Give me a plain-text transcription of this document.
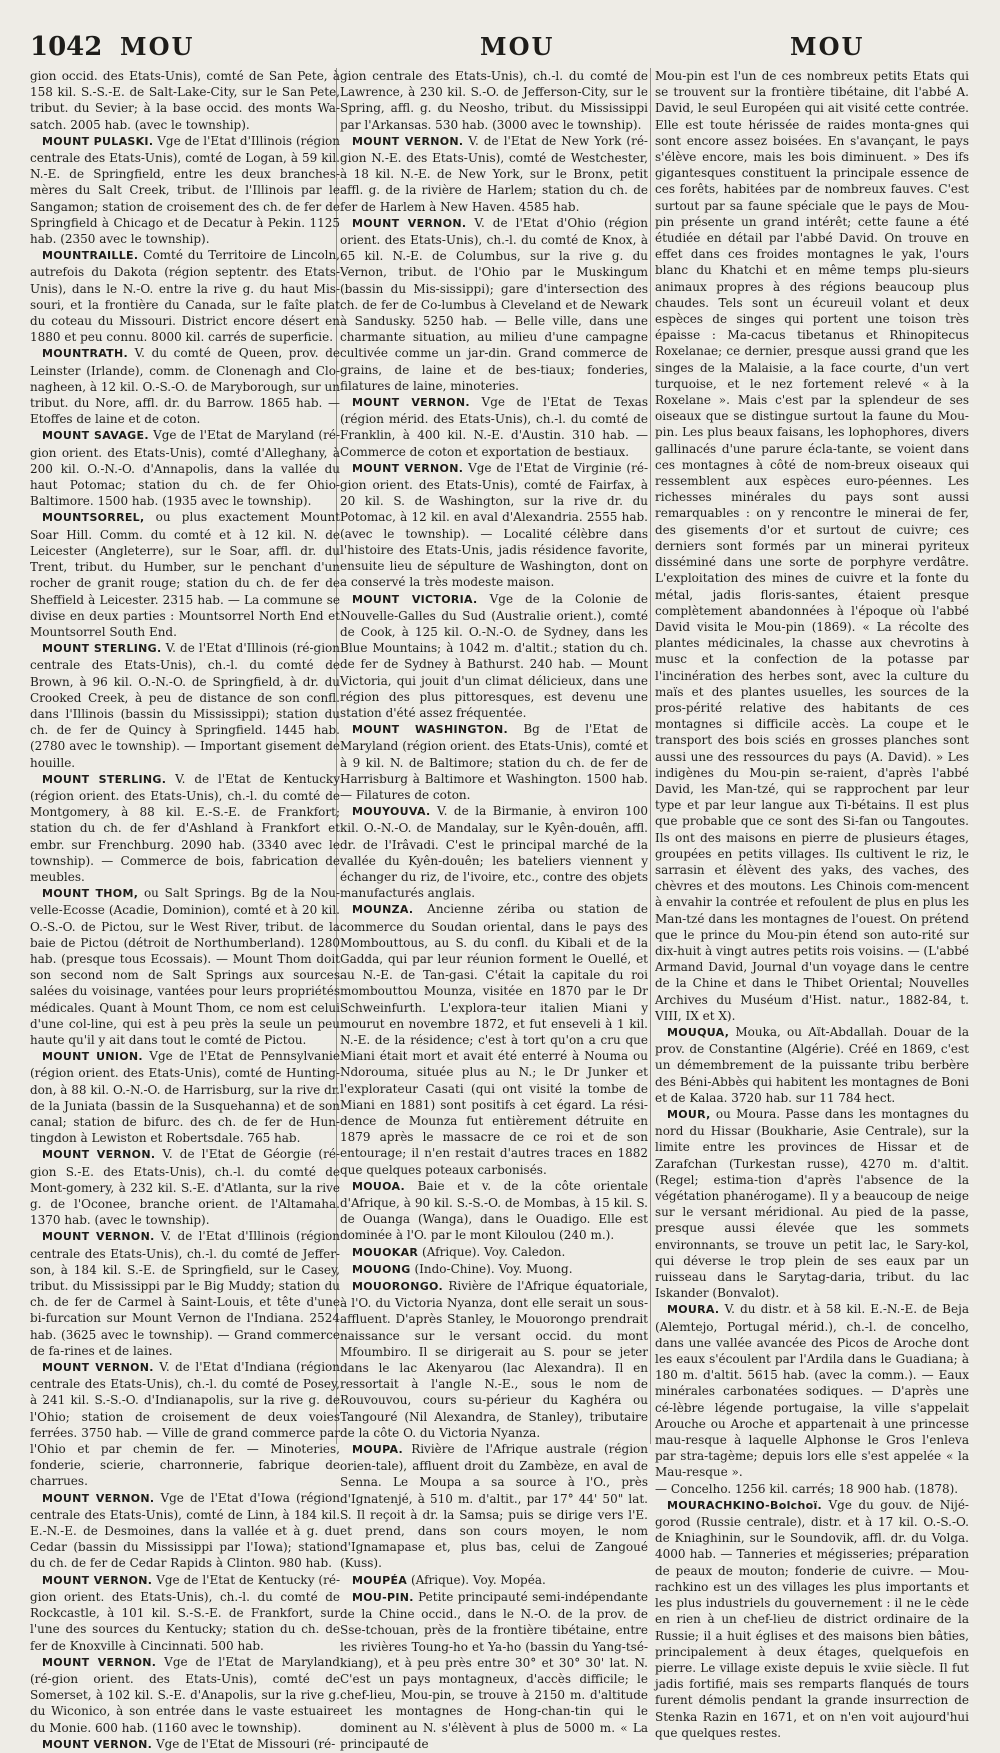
1042 MOU	MOU	MOU

gion occid. des Etats-Unis), comté de San Pete, à 158 kil. S.-S.-E. de Salt-Lake-City, sur le San Pete, tribut. du Sevier; à la base occid. des monts Wa-satch. 2005 hab. (avec le township).

MOUNT PULASKI. Vge de l'Etat d'Illinois (région centrale des Etats-Unis), comté de Logan, à 59 kil. N.-E. de Springfield, entre les deux branches-mères du Salt Creek, tribut. de l'Illinois par le Sangamon; station de croisement des ch. de fer de Springfield à Chicago et de Decatur à Pekin. 1125 hab. (2350 avec le township).

MOUNTRAILLE. Comté du Territoire de Lincoln, autrefois du Dakota (région septentr. des Etats-Unis), dans le N.-O. entre la rive g. du haut Mis-souri, et la frontière du Canada, sur le faîte plat du coteau du Missouri. District encore désert en 1880 et peu connu. 8000 kil. carrés de superficie.

MOUNTRATH. V. du comté de Queen, prov. de Leinster (Irlande), comm. de Clonenagh and Clo-nagheen, à 12 kil. O.-S.-O. de Maryborough, sur un tribut. du Nore, affl. dr. du Barrow. 1865 hab. — Etoffes de laine et de coton.

MOUNT SAVAGE. Vge de l'Etat de Maryland (ré-gion orient. des Etats-Unis), comté d'Alleghany, à 200 kil. O.-N.-O. d'Annapolis, dans la vallée du haut Potomac; station du ch. de fer Ohio-Baltimore. 1500 hab. (1935 avec le township).

MOUNTSORREL, ou plus exactement Mount Soar Hill. Comm. du comté et à 12 kil. N. de Leicester (Angleterre), sur le Soar, affl. dr. du Trent, tribut. du Humber, sur le penchant d'un rocher de granit rouge; station du ch. de fer de Sheffield à Leicester. 2315 hab. — La commune se divise en deux parties : Mountsorrel North End et Mountsorrel South End.

MOUNT STERLING. V. de l'Etat d'Illinois (ré-gion centrale des Etats-Unis), ch.-l. du comté de Brown, à 96 kil. O.-N.-O. de Springfield, à dr. du Crooked Creek, à peu de distance de son confl. dans l'Illinois (bassin du Mississippi); station du ch. de fer de Quincy à Springfield. 1445 hab. (2780 avec le township). — Important gisement de houille.

MOUNT STERLING. V. de l'Etat de Kentucky (région orient. des Etats-Unis), ch.-l. du comté de Montgomery, à 88 kil. E.-S.-E. de Frankfort; station du ch. de fer d'Ashland à Frankfort et embr. sur Frenchburg. 2090 hab. (3340 avec le township). — Commerce de bois, fabrication de meubles.

MOUNT THOM, ou Salt Springs. Bg de la Nou-velle-Ecosse (Acadie, Dominion), comté et à 20 kil. O.-S.-O. de Pictou, sur le West River, tribut. de la baie de Pictou (détroit de Northumberland). 1280 hab. (presque tous Ecossais). — Mount Thom doit son second nom de Salt Springs aux sources salées du voisinage, vantées pour leurs propriétés médicales. Quant à Mount Thom, ce nom est celui d'une col-line, qui est à peu près la seule un peu haute qu'il y ait dans tout le comté de Pictou.

MOUNT UNION. Vge de l'Etat de Pennsylvanie (région orient. des Etats-Unis), comté de Hunting-don, à 88 kil. O.-N.-O. de Harrisburg, sur la rive dr. de la Juniata (bassin de la Susquehanna) et de son canal; station de bifurc. des ch. de fer de Hun-tingdon à Lewiston et Robertsdale. 765 hab.

MOUNT VERNON. V. de l'Etat de Géorgie (ré-gion S.-E. des Etats-Unis), ch.-l. du comté de Mont-gomery, à 232 kil. S.-E. d'Atlanta, sur la rive g. de l'Oconee, branche orient. de l'Altamaha. 1370 hab. (avec le township).

MOUNT VERNON. V. de l'Etat d'Illinois (région centrale des Etats-Unis), ch.-l. du comté de Jeffer-son, à 184 kil. S.-E. de Springfield, sur le Casey, tribut. du Mississippi par le Big Muddy; station du ch. de fer de Carmel à Saint-Louis, et tête d'une bi-furcation sur Mount Vernon de l'Indiana. 2524 hab. (3625 avec le township). — Grand commerce de fa-rines et de laines.

MOUNT VERNON. V. de l'Etat d'Indiana (région centrale des Etats-Unis), ch.-l. du comté de Posey, à 241 kil. S.-S.-O. d'Indianapolis, sur la rive g. de l'Ohio; station de croisement de deux voies ferrées. 3750 hab. — Ville de grand commerce par l'Ohio et par chemin de fer. — Minoteries, fonderie, scierie, charronnerie, fabrique de charrues.

MOUNT VERNON. Vge de l'Etat d'Iowa (région centrale des Etats-Unis), comté de Linn, à 184 kil. E.-N.-E. de Desmoines, dans la vallée et à g. du Cedar (bassin du Mississippi par l'Iowa); station du ch. de fer de Cedar Rapids à Clinton. 980 hab.

MOUNT VERNON. Vge de l'Etat de Kentucky (ré-gion orient. des Etats-Unis), ch.-l. du comté de Rockcastle, à 101 kil. S.-S.-E. de Frankfort, sur l'une des sources du Kentucky; station du ch. de fer de Knoxville à Cincinnati. 500 hab.

MOUNT VERNON. Vge de l'Etat de Maryland (ré-gion orient. des Etats-Unis), comté de Somerset, à 102 kil. S.-E. d'Anapolis, sur la rive g. du Wiconico, à son entrée dans le vaste estuaire du Monie. 600 hab. (1160 avec le township).

MOUNT VERNON. Vge de l'Etat de Missouri (ré-

gion centrale des Etats-Unis), ch.-l. du comté de Lawrence, à 230 kil. S.-O. de Jefferson-City, sur le Spring, affl. g. du Neosho, tribut. du Mississippi par l'Arkansas. 530 hab. (3000 avec le township).

MOUNT VERNON. V. de l'Etat de New York (ré-gion N.-E. des Etats-Unis), comté de Westchester, à 18 kil. N.-E. de New York, sur le Bronx, petit affl. g. de la rivière de Harlem; station du ch. de fer de Harlem à New Haven. 4585 hab.

MOUNT VERNON. V. de l'Etat d'Ohio (région orient. des Etats-Unis), ch.-l. du comté de Knox, à 65 kil. N.-E. de Columbus, sur la rive g. du Vernon, tribut. de l'Ohio par le Muskingum (bassin du Mis-sissippi); gare d'intersection des ch. de fer de Co-lumbus à Cleveland et de Newark à Sandusky. 5250 hab. — Belle ville, dans une charmante situation, au milieu d'une campagne cultivée comme un jar-din. Grand commerce de grains, de laine et de bes-tiaux; fonderies, filatures de laine, minoteries.

MOUNT VERNON. Vge de l'Etat de Texas (région mérid. des Etats-Unis), ch.-l. du comté de Franklin, à 400 kil. N.-E. d'Austin. 310 hab. — Commerce de coton et exportation de bestiaux.

MOUNT VERNON. Vge de l'Etat de Virginie (ré-gion orient. des Etats-Unis), comté de Fairfax, à 20 kil. S. de Washington, sur la rive dr. du Potomac, à 12 kil. en aval d'Alexandria. 2555 hab. (avec le township). — Localité célèbre dans l'histoire des Etats-Unis, jadis résidence favorite, ensuite lieu de sépulture de Washington, dont on a conservé la très modeste maison.

MOUNT VICTORIA. Vge de la Colonie de Nouvelle-Galles du Sud (Australie orient.), comté de Cook, à 125 kil. O.-N.-O. de Sydney, dans les Blue Mountains; à 1042 m. d'altit.; station du ch. de fer de Sydney à Bathurst. 240 hab. — Mount Victoria, qui jouit d'un climat délicieux, dans une région des plus pittoresques, est devenu une station d'été assez fréquentée.

MOUNT WASHINGTON. Bg de l'Etat de Maryland (région orient. des Etats-Unis), comté et à 9 kil. N. de Baltimore; station du ch. de fer de Harrisburg à Baltimore et Washington. 1500 hab. — Filatures de coton.

MOUYOUVA. V. de la Birmanie, à environ 100 kil. O.-N.-O. de Mandalay, sur le Kyên-douên, affl. dr. de l'Irâvadi. C'est le principal marché de la vallée du Kyên-douên; les bateliers viennent y échanger du riz, de l'ivoire, etc., contre des objets manufacturés anglais.

MOUNZA. Ancienne zériba ou station de commerce du Soudan oriental, dans le pays des Mombouttous, au S. du confl. du Kibali et de la Gadda, qui par leur réunion forment le Ouellé, et au N.-E. de Tan-gasi. C'était la capitale du roi mombouttou Mounza, visitée en 1870 par le Dr Schweinfurth. L'explora-teur italien Miani y mourut en novembre 1872, et fut enseveli à 1 kil. N.-E. de la résidence; c'est à tort qu'on a cru que Miani était mort et avait été enterré à Nouma ou Ndorouma, située plus au N.; le Dr Junker et l'explorateur Casati (qui ont visité la tombe de Miani en 1881) sont positifs à cet égard. La rési-dence de Mounza fut entièrement détruite en 1879 après le massacre de ce roi et de son entourage; il n'en restait d'autres traces en 1882 que quelques poteaux carbonisés.

MOUOA. Baie et v. de la côte orientale d'Afrique, à 90 kil. S.-S.-O. de Mombas, à 15 kil. S. de Ouanga (Wanga), dans le Ouadigo. Elle est dominée à l'O. par le mont Kiloulou (240 m.).

MOUOKAR (Afrique). Voy. Caledon.

MOUONG (Indo-Chine). Voy. Muong.

MOUORONGO. Rivière de l'Afrique équatoriale, à l'O. du Victoria Nyanza, dont elle serait un sous-affluent. D'après Stanley, le Mouorongo prendrait naissance sur le versant occid. du mont Mfoumbiro. Il se dirigerait au S. pour se jeter dans le lac Akenyarou (lac Alexandra). Il en ressortait à l'angle N.-E., sous le nom de Rouvouvou, cours su-périeur du Kaghéra ou Tangouré (Nil Alexandra, de Stanley), tributaire de la côte O. du Victoria Nyanza.

MOUPA. Rivière de l'Afrique australe (région orien-tale), affluent droit du Zambèze, en aval de Senna. Le Moupa a sa source à l'O., près d'Ignatenjé, à 510 m. d'altit., par 17° 44' 50" lat. S. Il reçoit à dr. la Samsa; puis se dirige vers l'E. et prend, dans son cours moyen, le nom d'Ignamapase et, plus bas, celui de Zangoué (Kuss).

MOUPÉA (Afrique). Voy. Mopéa.

MOU-PIN. Petite principauté semi-indépendante de la Chine occid., dans le N.-O. de la prov. de Sse-tchouan, près de la frontière tibétaine, entre les rivières Toung-ho et Ya-ho (bassin du Yang-tsé-kiang), et à peu près entre 30° et 30° 30' lat. N. C'est un pays montagneux, d'accès difficile; le chef-lieu, Mou-pin, se trouve à 2150 m. d'altitude et les montagnes de Hong-chan-tin qui le dominent au N. s'élèvent à plus de 5000 m. « La principauté de

Mou-pin est l'un de ces nombreux petits Etats qui se trouvent sur la frontière tibétaine, dit l'abbé A. David, le seul Européen qui ait visité cette contrée. Elle est toute hérissée de raides monta-gnes qui sont encore assez boisées. En s'avançant, le pays s'élève encore, mais les bois diminuent. » Des ifs gigantesques constituent la principale essence de ces forêts, habitées par de nombreux fauves. C'est surtout par sa faune spéciale que le pays de Mou-pin présente un grand intérêt; cette faune a été étudiée en détail par l'abbé David. On trouve en effet dans ces froides montagnes le yak, l'ours blanc du Khatchi et en même temps plu-sieurs animaux propres à des régions beaucoup plus chaudes. Tels sont un écureuil volant et deux espèces de singes qui portent une toison très épaisse : Ma-cacus tibetanus et Rhinopitecus Roxelanae; ce dernier, presque aussi grand que les singes de la Malaisie, a la face courte, d'un vert turquoise, et le nez fortement relevé « à la Roxelane ». Mais c'est par la splendeur de ses oiseaux que se distingue surtout la faune du Mou-pin. Les plus beaux faisans, les lophophores, divers gallinacés d'une parure écla-tante, se voient dans ces montagnes à côté de nom-breux oiseaux qui ressemblent aux espèces euro-péennes. Les richesses minérales du pays sont aussi remarquables : on y rencontre le minerai de fer, des gisements d'or et surtout de cuivre; ces derniers sont formés par un minerai pyriteux disséminé dans une sorte de porphyre verdâtre. L'exploitation des mines de cuivre et la fonte du métal, jadis floris-santes, étaient presque complètement abandonnées à l'époque où l'abbé David visita le Mou-pin (1869). « La récolte des plantes médicinales, la chasse aux chevrotins à musc et la confection de la potasse par l'incinération des herbes sont, avec la culture du maïs et des plantes usuelles, les sources de la pros-périté relative des habitants de ces montagnes si difficile accès. La coupe et le transport des bois sciés en grosses planches sont aussi une des ressources du pays (A. David). » Les indigènes du Mou-pin se-raient, d'après l'abbé David, les Man-tzé, qui se rapprochent par leur type et par leur langue aux Ti-bétains. Il est plus que probable que ce sont des Si-fan ou Tangoutes. Ils ont des maisons en pierre de plusieurs étages, groupées en petits villages. Ils cultivent le riz, le sarrasin et élèvent des yaks, des vaches, des chèvres et des moutons. Les Chinois com-mencent à envahir la contrée et refoulent de plus en plus les Man-tzé dans les montagnes de l'ouest. On prétend que le prince du Mou-pin étend son auto-rité sur dix-huit à vingt autres petits rois voisins. — (L'abbé Armand David, Journal d'un voyage dans le centre de la Chine et dans le Thibet Oriental; Nouvelles Archives du Muséum d'Hist. natur., 1882-84, t. VIII, IX et X).

MOUQUA, Mouka, ou Aït-Abdallah. Douar de la prov. de Constantine (Algérie). Créé en 1869, c'est un démembrement de la puissante tribu berbère des Béni-Abbès qui habitent les montagnes de Boni et de Kalaa. 3720 hab. sur 11 784 hect.

MOUR, ou Moura. Passe dans les montagnes du nord du Hissar (Boukharie, Asie Centrale), sur la limite entre les provinces de Hissar et de Zarafchan (Turkestan russe), 4270 m. d'altit. (Regel; estima-tion d'après l'absence de la végétation phanérogame). Il y a beaucoup de neige sur le versant méridional. Au pied de la passe, presque aussi élevée que les sommets environnants, se trouve un petit lac, le Sary-kol, qui déverse le trop plein de ses eaux par un ruisseau dans le Sarytag-daria, tribut. du lac Iskander (Bonvalot).

MOURA. V. du distr. et à 58 kil. E.-N.-E. de Beja (Alemtejo, Portugal mérid.), ch.-l. de concelho, dans une vallée avancée des Picos de Aroche dont les eaux s'écoulent par l'Ardila dans le Guadiana; à 180 m. d'altit. 5615 hab. (avec la comm.). — Eaux minérales carbonatées sodiques. — D'après une cé-lèbre légende portugaise, la ville s'appelait Arouche ou Aroche et appartenait à une princesse mau-resque à laquelle Alphonse le Gros l'enleva par stra-tagème; depuis lors elle s'est appelée « la Mau-resque ».

— Concelho. 1256 kil. carrés; 18 900 hab. (1878).

MOURACHKINO-Bolchoï. Vge du gouv. de Nijé-gorod (Russie centrale), distr. et à 17 kil. O.-S.-O. de Kniaghinin, sur le Soundovik, affl. dr. du Volga. 4000 hab. — Tanneries et mégisseries; préparation de peaux de mouton; fonderie de cuivre. — Mou-rachkino est un des villages les plus importants et les plus industriels du gouvernement : il ne le cède en rien à un chef-lieu de district ordinaire de la Russie; il a huit églises et des maisons bien bâties, principalement à deux étages, quelquefois en pierre. Le village existe depuis le xviie siècle. Il fut jadis fortifié, mais ses remparts flanqués de tours furent démolis pendant la grande insurrection de Stenka Razin en 1671, et on n'en voit aujourd'hui que quelques restes.
